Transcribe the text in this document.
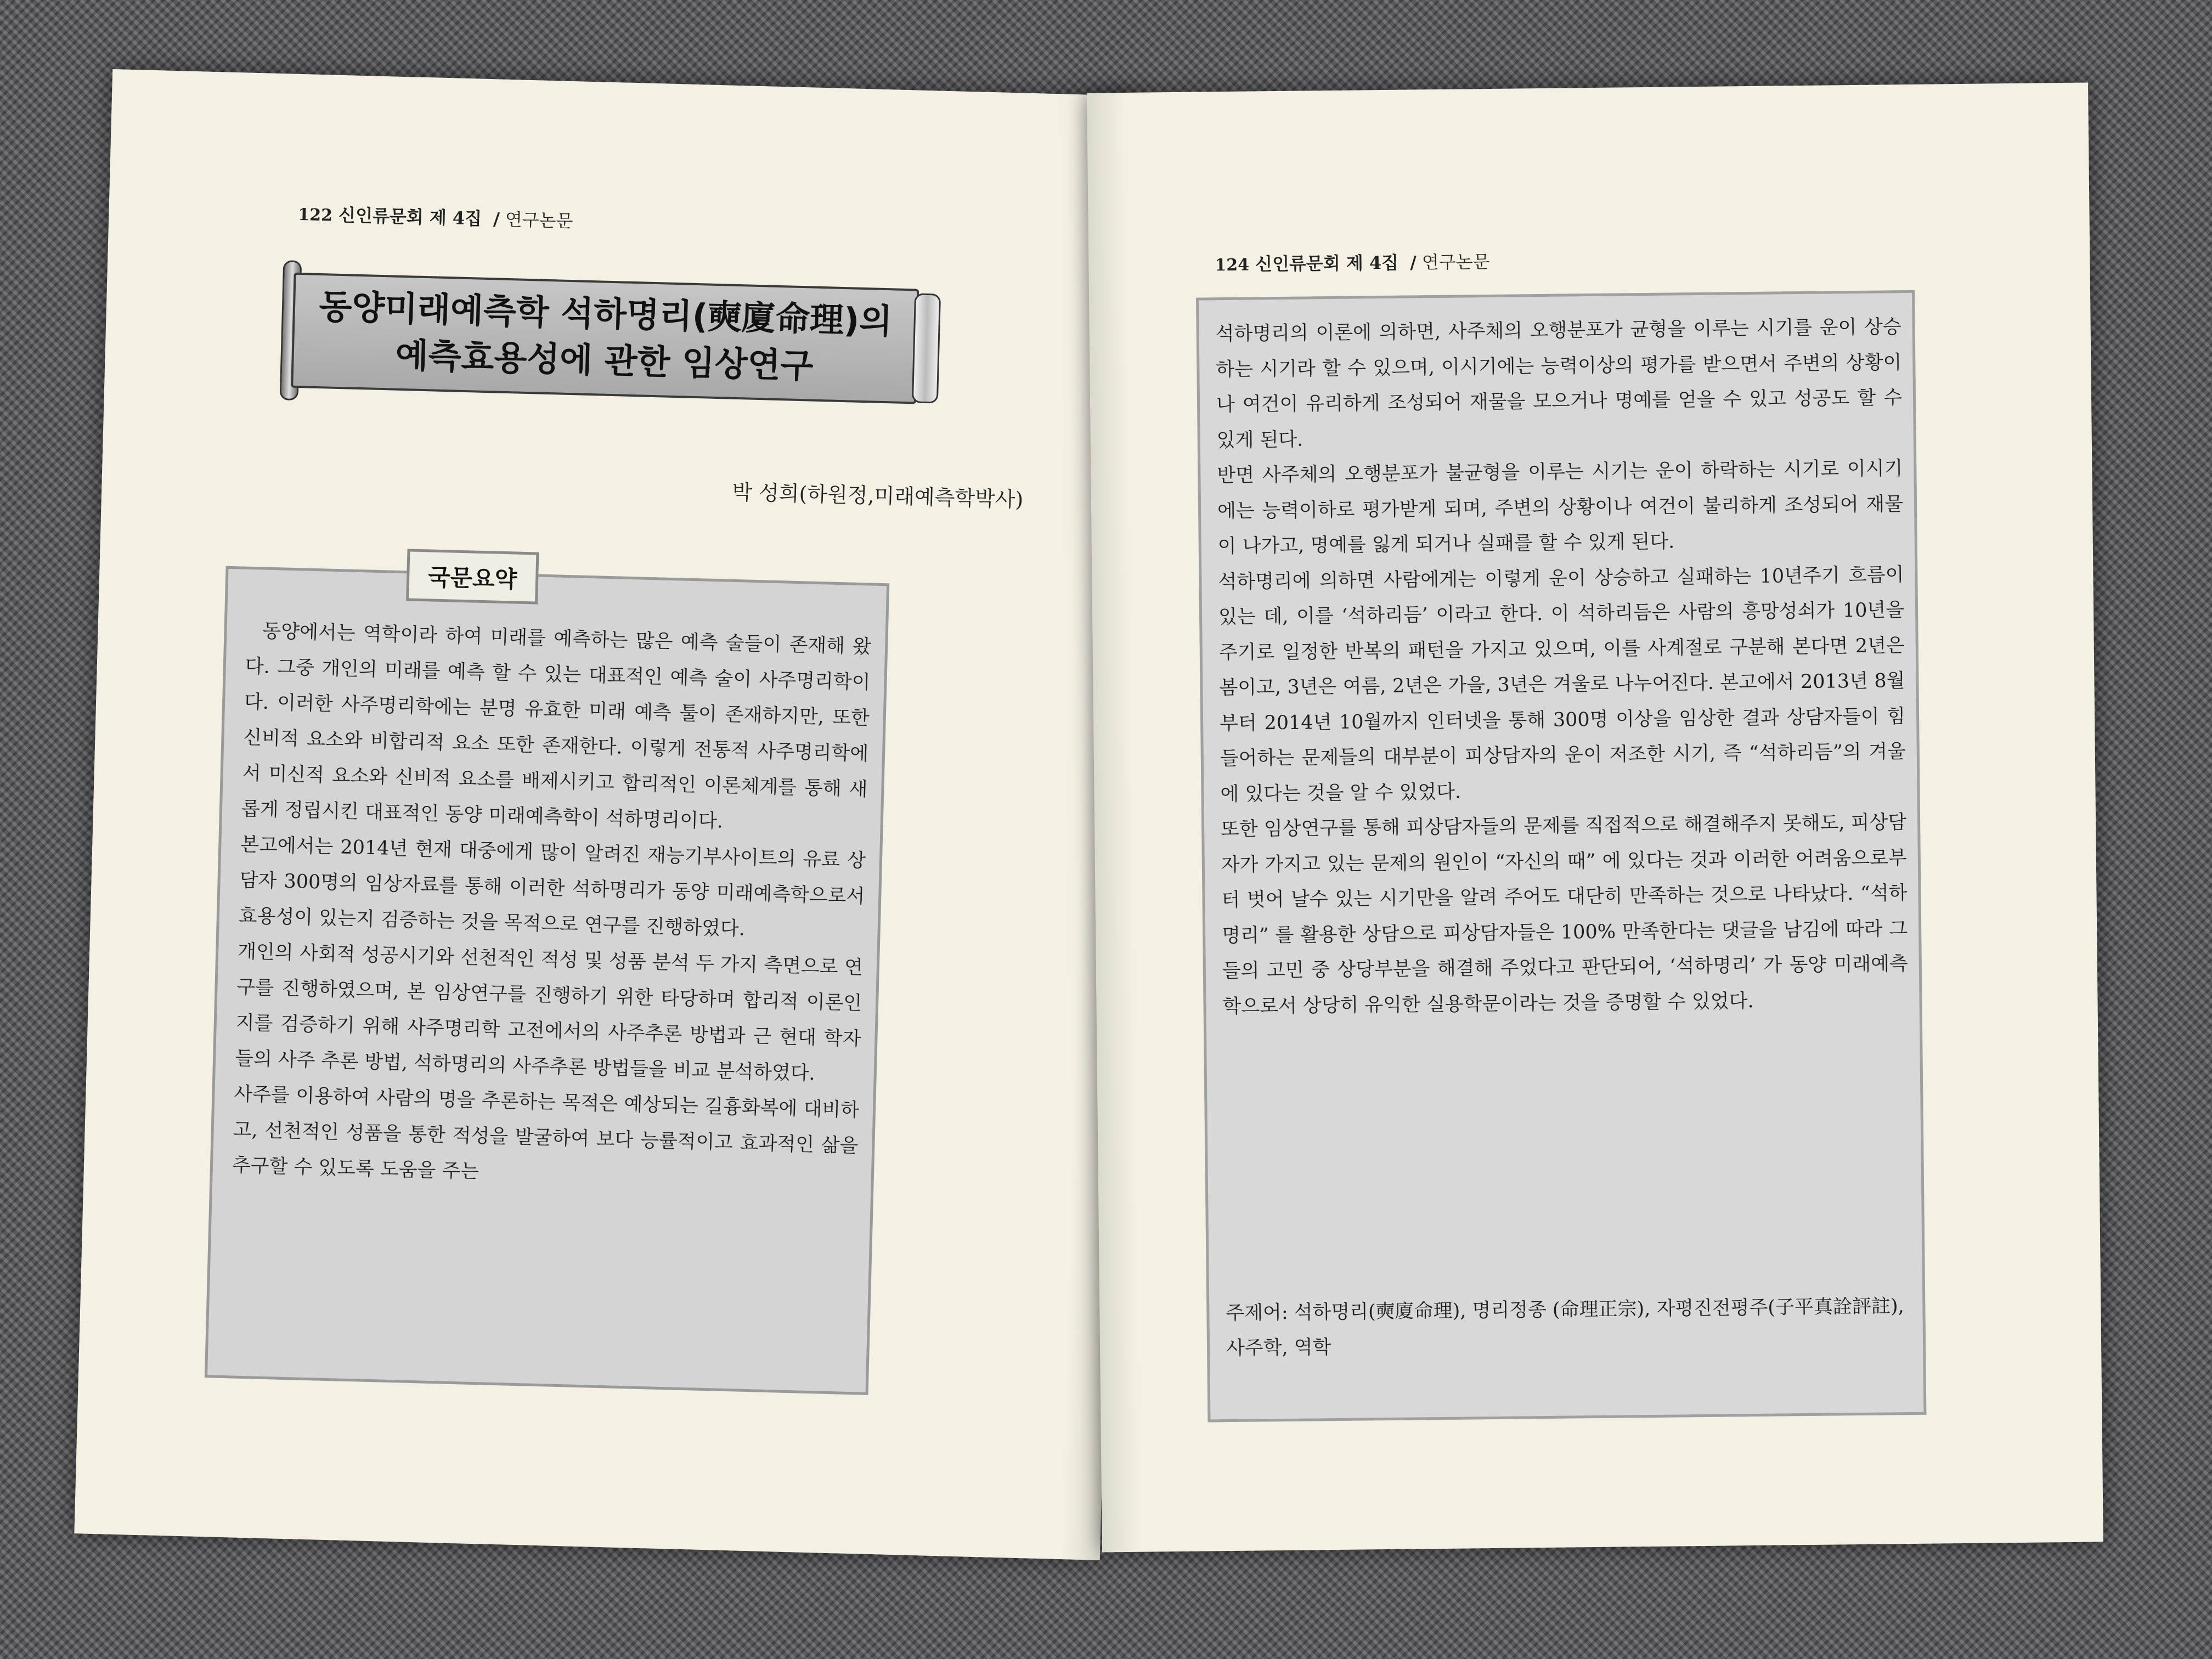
122 신인류문회 제 4집 / 연구논문
동양미래예측학 석하명리(奭廈命理)의
예측효용성에 관한 임상연구
박 성희(하원정,미래예측학박사)
국문요약

동양에서는 역학이라 하여 미래를 예측하는 많은 예측 술들이 존재해 왔다. 그중 개인의 미래를 예측 할 수 있는 대표적인 예측 술이 사주명리학이다. 이러한 사주명리학에는 분명 유효한 미래 예측 툴이 존재하지만, 또한 신비적 요소와 비합리적 요소 또한 존재한다. 이렇게 전통적 사주명리학에서 미신적 요소와 신비적 요소를 배제시키고 합리적인 이론체계를 통해 새롭게 정립시킨 대표적인 동양 미래예측학이 석하명리이다.

본고에서는 2014년 현재 대중에게 많이 알려진 재능기부사이트의 유료 상담자 300명의 임상자료를 통해 이러한 석하명리가 동양 미래예측학으로서 효용성이 있는지 검증하는 것을 목적으로 연구를 진행하였다.

개인의 사회적 성공시기와 선천적인 적성 및 성품 분석 두 가지 측면으로 연구를 진행하였으며, 본 임상연구를 진행하기 위한 타당하며 합리적 이론인지를 검증하기 위해 사주명리학 고전에서의 사주추론 방법과 근 현대 학자들의 사주 추론 방법, 석하명리의 사주추론 방법들을 비교 분석하였다.

사주를 이용하여 사람의 명을 추론하는 목적은 예상되는 길흉화복에 대비하고, 선천적인 성품을 통한 적성을 발굴하여 보다 능률적이고 효과적인 삶을 추구할 수 있도록 도움을 주는

124 신인류문회 제 4집 / 연구논문

석하명리의 이론에 의하면, 사주체의 오행분포가 균형을 이루는 시기를 운이 상승하는 시기라 할 수 있으며, 이시기에는 능력이상의 평가를 받으면서 주변의 상황이나 여건이 유리하게 조성되어 재물을 모으거나 명예를 얻을 수 있고 성공도 할 수 있게 된다.

반면 사주체의 오행분포가 불균형을 이루는 시기는 운이 하락하는 시기로 이시기 에는 능력이하로 평가받게 되며, 주변의 상황이나 여건이 불리하게 조성되어 재물이 나가고, 명예를 잃게 되거나 실패를 할 수 있게 된다.

석하명리에 의하면 사람에게는 이렇게 운이 상승하고 실패하는 10년주기 흐름이 있는 데, 이를 ‘석하리듬’ 이라고 한다. 이 석하리듬은 사람의 흥망성쇠가 10년을 주기로 일정한 반복의 패턴을 가지고 있으며, 이를 사계절로 구분해 본다면 2년은 봄이고, 3년은 여름, 2년은 가을, 3년은 겨울로 나누어진다. 본고에서 2013년 8월부터 2014년 10월까지 인터넷을 통해 300명 이상을 임상한 결과 상담자들이 힘들어하는 문제들의 대부분이 피상담자의 운이 저조한 시기, 즉 “석하리듬”의 겨울에 있다는 것을 알 수 있었다.

또한 임상연구를 통해 피상담자들의 문제를 직접적으로 해결해주지 못해도, 피상담자가 가지고 있는 문제의 원인이 “자신의 때” 에 있다는 것과 이러한 어려움으로부터 벗어 날수 있는 시기만을 알려 주어도 대단히 만족하는 것으로 나타났다. “석하명리” 를 활용한 상담으로 피상담자들은 100% 만족한다는 댓글을 남김에 따라 그들의 고민 중 상당부분을 해결해 주었다고 판단되어, ‘석하명리’ 가 동양 미래예측학으로서 상당히 유익한 실용학문이라는 것을 증명할 수 있었다.

주제어: 석하명리(奭廈命理), 명리정종 (命理正宗), 자평진전평주(子平真詮評註), 사주학, 역학
